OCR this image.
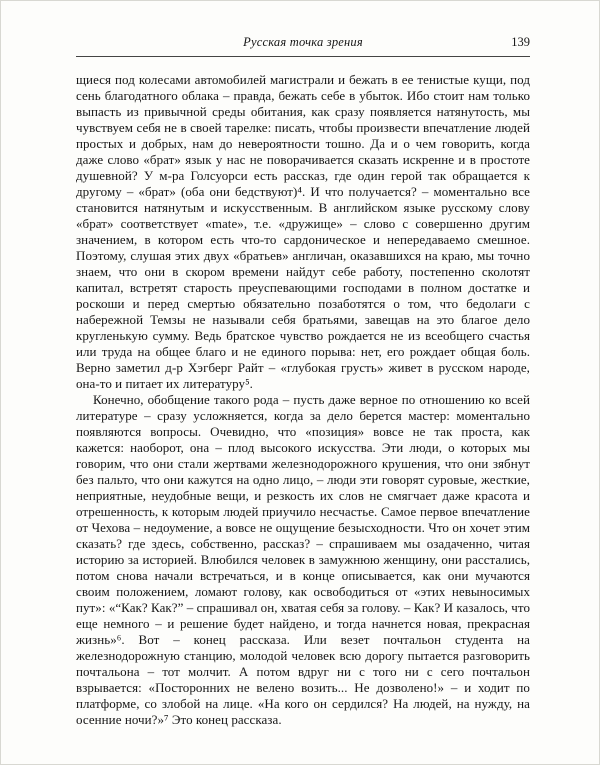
Русская точка зрения	139

щиеся под колесами автомобилей магистрали и бежать в ее тенистые кущи, под сень благодатного облака – правда, бежать себе в убыток. Ибо стоит нам только выпасть из привычной среды обитания, как сразу появляется натянутость, мы чувствуем себя не в своей тарелке: писать, чтобы произвести впечатление людей простых и добрых, нам до невероятности тошно. Да и о чем говорить, когда даже слово «брат» язык у нас не поворачивается сказать искренне и в простоте душевной? У м-ра Голсуорси есть рассказ, где один герой так обращается к другому – «брат» (оба они бедствуют)⁴. И что получается? – моментально все становится натянутым и искусственным. В английском языке русскому слову «брат» соответствует «mate», т.е. «дружище» – слово с совершенно другим значением, в котором есть что-то сардоническое и непередаваемо смешное. Поэтому, слушая этих двух «братьев» англичан, оказавшихся на краю, мы точно знаем, что они в скором времени найдут себе работу, постепенно сколотят капитал, встретят старость преуспевающими господами в полном достатке и роскоши и перед смертью обязательно позаботятся о том, что бедолаги с набережной Темзы не называли себя братьями, завещав на это благое дело кругленькую сумму. Ведь братское чувство рождается не из всеобщего счастья или труда на общее благо и не единого порыва: нет, его рождает общая боль. Верно заметил д-р Хэгберг Райт – «глубокая грусть» живет в русском народе, она-то и питает их литературу⁵.

Конечно, обобщение такого рода – пусть даже верное по отношению ко всей литературе – сразу усложняется, когда за дело берется мастер: моментально появляются вопросы. Очевидно, что «позиция» вовсе не так проста, как кажется: наоборот, она – плод высокого искусства. Эти люди, о которых мы говорим, что они стали жертвами железнодорожного крушения, что они зябнут без пальто, что они кажутся на одно лицо, – люди эти говорят суровые, жесткие, неприятные, неудобные вещи, и резкость их слов не смягчает даже красота и отрешенность, к которым людей приучило несчастье. Самое первое впечатление от Чехова – недоумение, а вовсе не ощущение безысходности. Что он хочет этим сказать? где здесь, собственно, рассказ? – спрашиваем мы озадаченно, читая историю за историей. Влюбился человек в замужнюю женщину, они расстались, потом снова начали встречаться, и в конце описывается, как они мучаются своим положением, ломают голову, как освободиться от «этих невыносимых пут»: «“Как? Как?” – спрашивал он, хватая себя за голову. – Как? И казалось, что еще немного – и решение будет найдено, и тогда начнется новая, прекрасная жизнь»⁶. Вот – конец рассказа. Или везет почтальон студента на железнодорожную станцию, молодой человек всю дорогу пытается разговорить почтальона – тот молчит. А потом вдруг ни с того ни с сего почтальон взрывается: «Посторонних не велено возить... Не дозволено!» – и ходит по платформе, со злобой на лице. «На кого он сердился? На людей, на нужду, на осенние ночи?»⁷ Это конец рассказа.
